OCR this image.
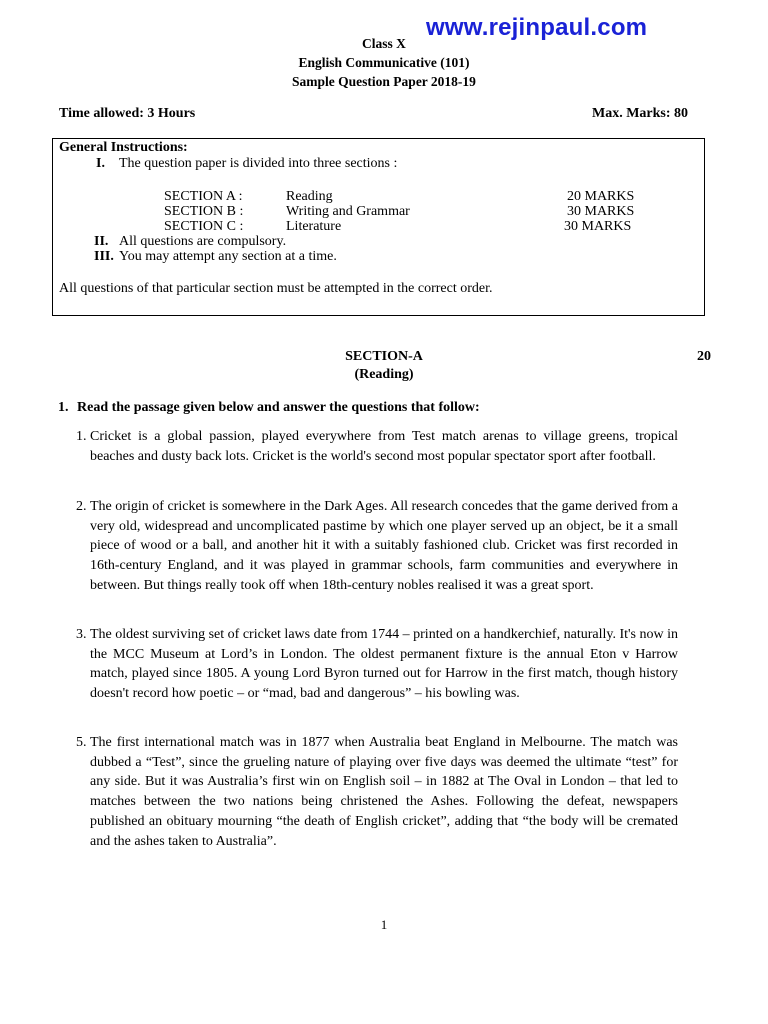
www.rejinpaul.com
Class X
English Communicative (101)
Sample Question Paper 2018-19
Time allowed: 3 Hours	Max. Marks: 80
General Instructions:
I. The question paper is divided into three sections :
SECTION A :	Reading	20 MARKS
SECTION B :	Writing and Grammar	30 MARKS
SECTION C :	Literature	30 MARKS
II. All questions are compulsory.
III. You may attempt any section at a time.
All questions of that particular section must be attempted in the correct order.
SECTION-A
(Reading)
20
1. Read the passage given below and answer the questions that follow:
1. Cricket is a global passion, played everywhere from Test match arenas to village greens, tropical beaches and dusty back lots. Cricket is the world's second most popular spectator sport after football.
2. The origin of cricket is somewhere in the Dark Ages. All research concedes that the game derived from a very old, widespread and uncomplicated pastime by which one player served up an object, be it a small piece of wood or a ball, and another hit it with a suitably fashioned club. Cricket was first recorded in 16th-century England, and it was played in grammar schools, farm communities and everywhere in between. But things really took off when 18th-century nobles realised it was a great sport.
3. The oldest surviving set of cricket laws date from 1744 – printed on a handkerchief, naturally. It's now in the MCC Museum at Lord’s in London. The oldest permanent fixture is the annual Eton v Harrow match, played since 1805. A young Lord Byron turned out for Harrow in the first match, though history doesn't record how poetic – or “mad, bad and dangerous” – his bowling was.
5. The first international match was in 1877 when Australia beat England in Melbourne. The match was dubbed a “Test”, since the grueling nature of playing over five days was deemed the ultimate “test” for any side. But it was Australia’s first win on English soil – in 1882 at The Oval in London – that led to matches between the two nations being christened the Ashes. Following the defeat, newspapers published an obituary mourning “the death of English cricket”, adding that “the body will be cremated and the ashes taken to Australia”.
1
